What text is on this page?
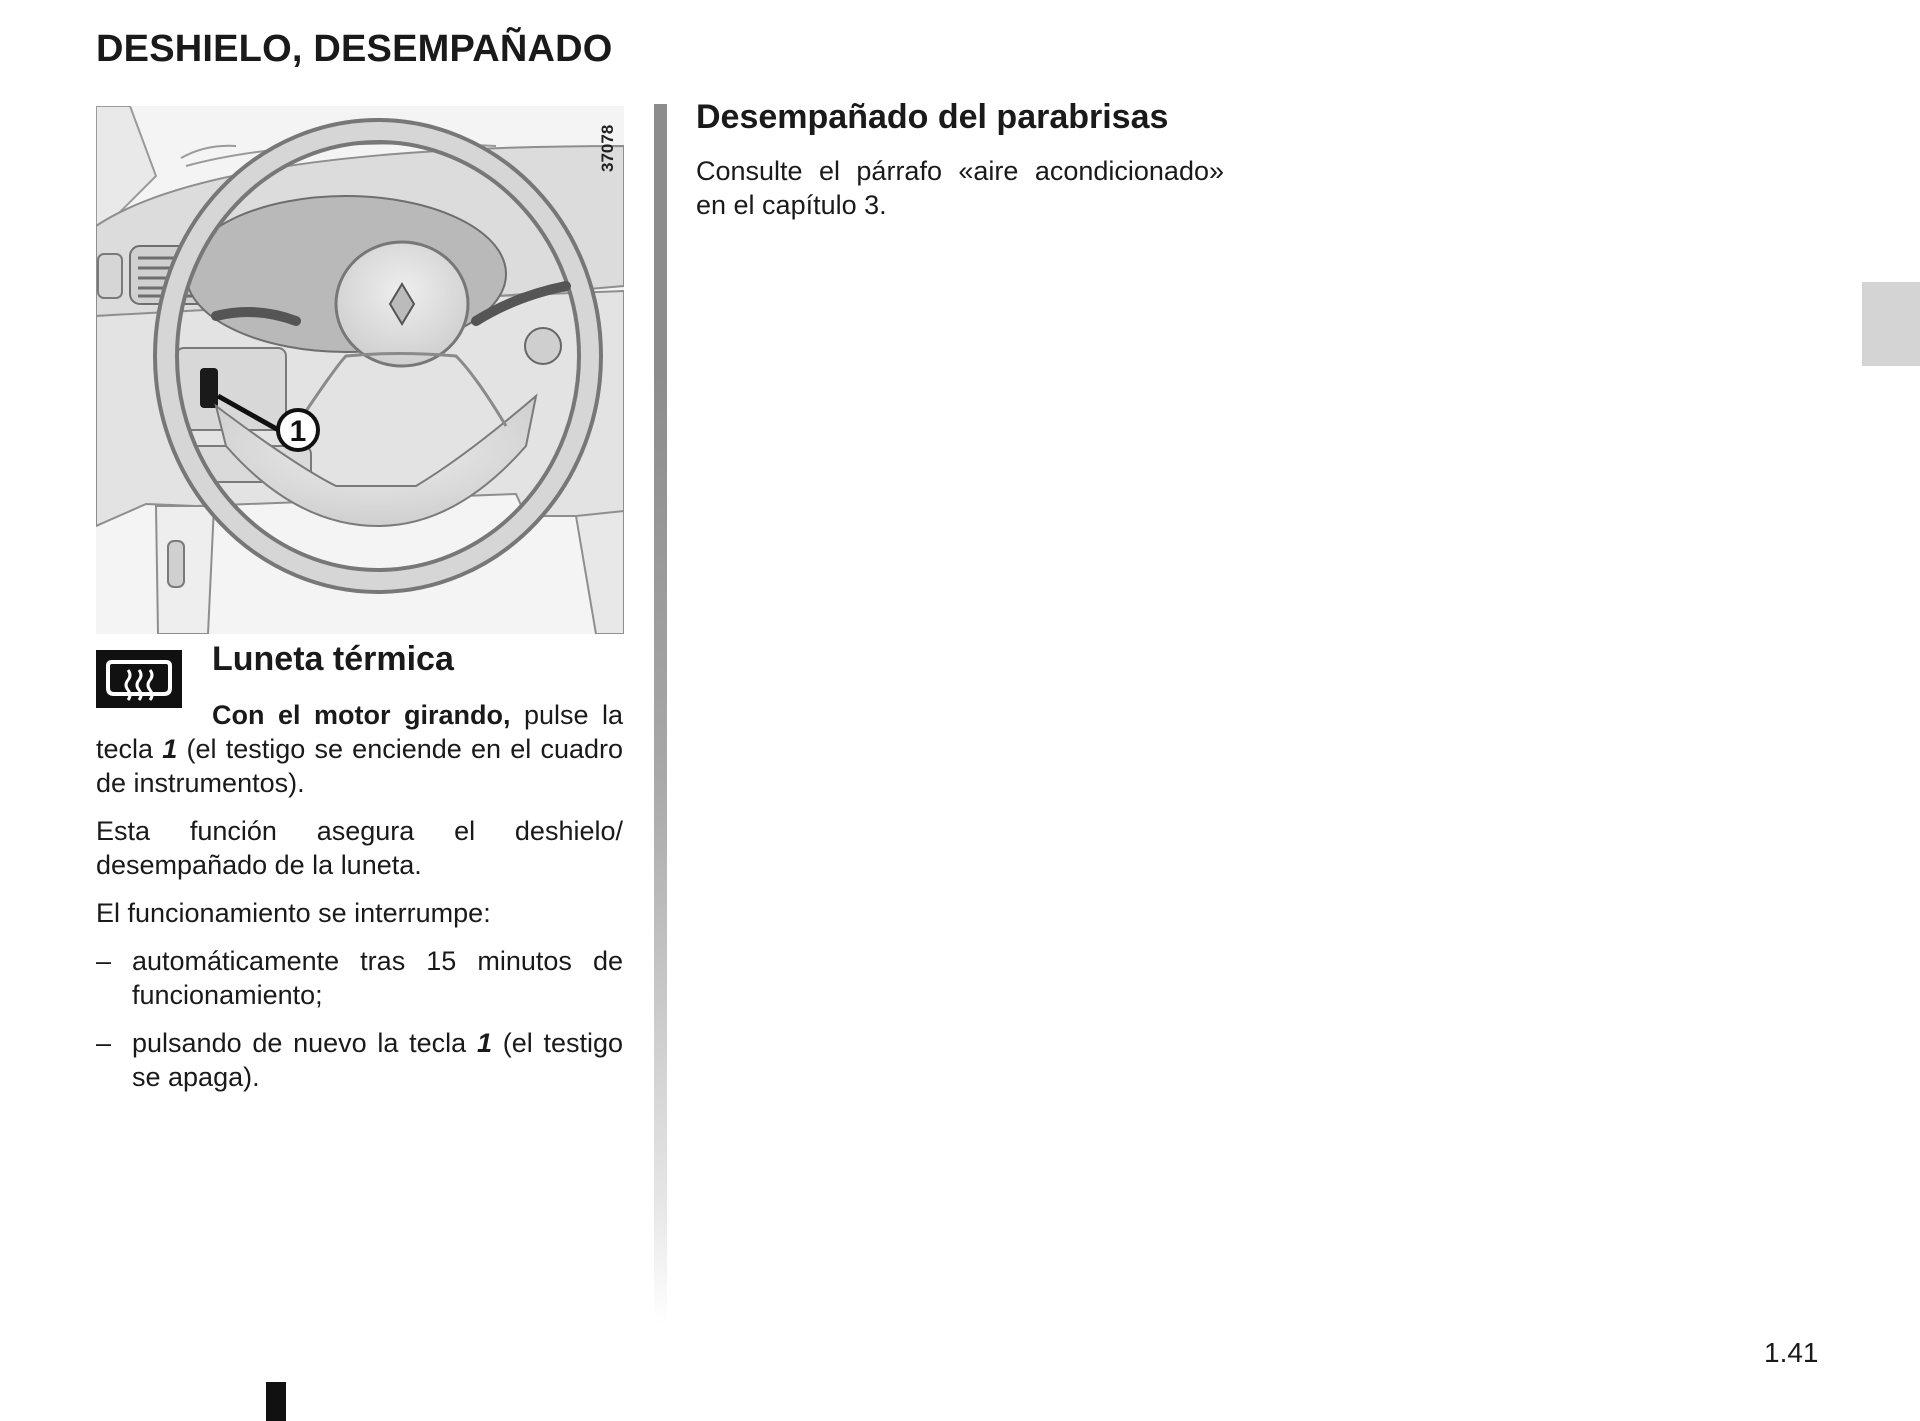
DESHIELO, DESEMPAÑADO
1
37078
Luneta térmica

Con el motor girando, pulse la tecla 1 (el testigo se enciende en el cuadro de instrumentos).

Esta función asegura el deshielo/ desempañado de la luneta.

El funcionamiento se interrumpe:

– automáticamente tras 15 minutos de funcionamiento;
– pulsando de nuevo la tecla 1 (el testigo se apaga).
Desempañado del parabrisas

Consulte el párrafo «aire acondicionado» en el capítulo 3.

1.41
